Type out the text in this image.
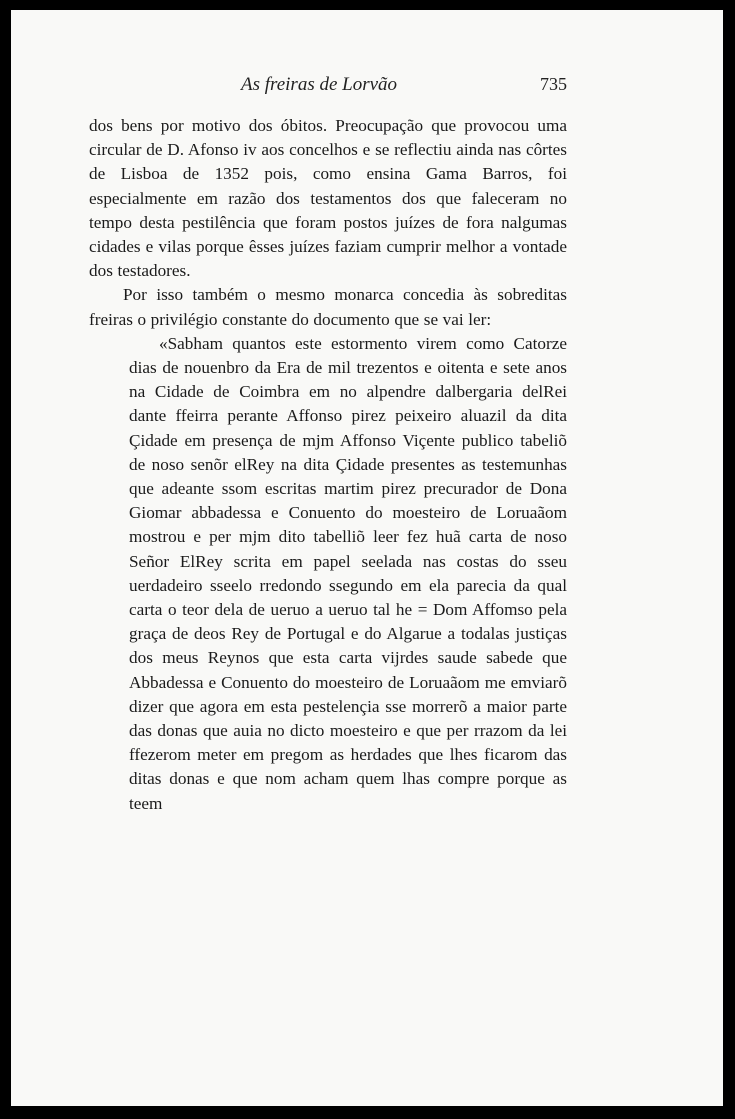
As freiras de Lorvão	735

dos bens por motivo dos óbitos. Preocupação que provocou uma circular de D. Afonso iv aos concelhos e se reflectiu ainda nas côrtes de Lisboa de 1352 pois, como ensina Gama Barros, foi especialmente em razão dos testamentos dos que faleceram no tempo desta pestilência que foram postos juízes de fora nalgumas cidades e vilas porque êsses juízes faziam cumprir melhor a vontade dos testadores.

Por isso também o mesmo monarca concedia às sobreditas freiras o privilégio constante do documento que se vai ler:

«Sabham quantos este estormento virem como Catorze dias de nouenbro da Era de mil trezentos e oitenta e sete anos na Cidade de Coimbra em no alpendre dalbergaria delRei dante ffeirra perante Affonso pirez peixeiro aluazil da dita Çidade em presença de mjm Affonso Viçente publico tabeliõ de noso senõr elRey na dita Çidade presentes as testemunhas que adeante ssom escritas martim pirez precurador de Dona Giomar abbadessa e Conuento do moesteiro de Loruaãom mostrou e per mjm dito tabelliõ leer fez huã carta de noso Señor ElRey scrita em papel seelada nas costas do sseu uerdadeiro sseelo rredondo ssegundo em ela parecia da qual carta o teor dela de ueruo a ueruo tal he = Dom Affomso pela graça de deos Rey de Portugal e do Algarue a todalas justiças dos meus Reynos que esta carta vijrdes saude sabede que Abbadessa e Conuento do moesteiro de Loruaãom me emviarõ dizer que agora em esta pestelençia sse morrerõ a maior parte das donas que auia no dicto moesteiro e que per rrazom da lei ffezerom meter em pregom as herdades que lhes ficarom das ditas donas e que nom acham quem lhas compre porque as teem
